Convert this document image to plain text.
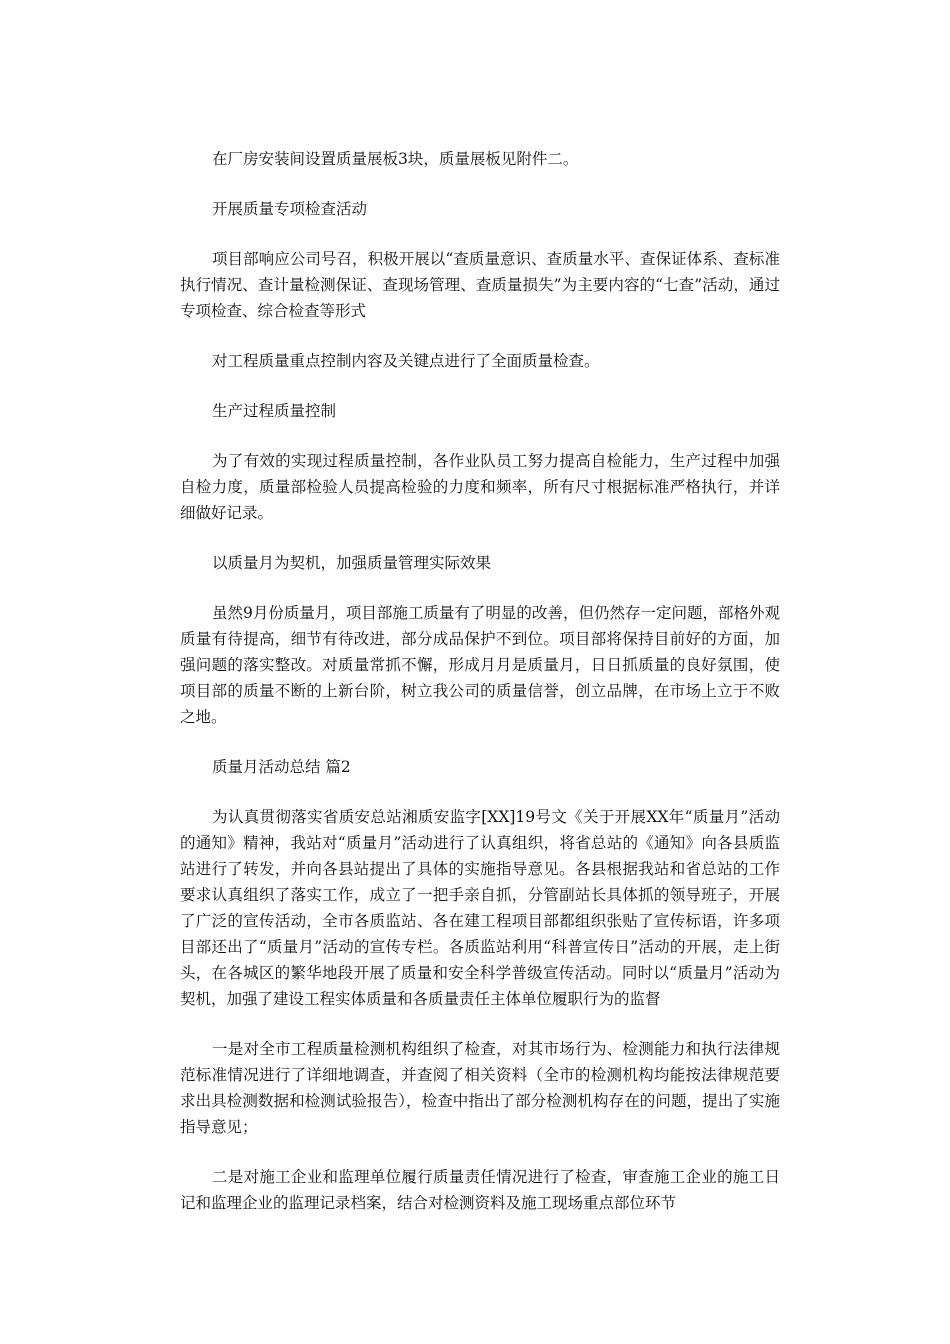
在厂房安装间设置质量展板3块，质量展板见附件二。

开展质量专项检查活动

项目部响应公司号召，积极开展以“查质量意识、查质量水平、查保证体系、查标准执行情况、查计量检测保证、查现场管理、查质量损失”为主要内容的“七查”活动，通过专项检查、综合检查等形式

对工程质量重点控制内容及关键点进行了全面质量检查。

生产过程质量控制

为了有效的实现过程质量控制，各作业队员工努力提高自检能力，生产过程中加强自检力度，质量部检验人员提高检验的力度和频率，所有尺寸根据标准严格执行，并详细做好记录。

以质量月为契机，加强质量管理实际效果

虽然9月份质量月，项目部施工质量有了明显的改善，但仍然存一定问题，部格外观质量有待提高，细节有待改进，部分成品保护不到位。项目部将保持目前好的方面，加强问题的落实整改。对质量常抓不懈，形成月月是质量月，日日抓质量的良好氛围，使项目部的质量不断的上新台阶，树立我公司的质量信誉，创立品牌，在市场上立于不败之地。

质量月活动总结 篇2

为认真贯彻落实省质安总站湘质安监字[XX]19号文《关于开展XX年“质量月”活动的通知》精神，我站对“质量月”活动进行了认真组织，将省总站的《通知》向各县质监站进行了转发，并向各县站提出了具体的实施指导意见。各县根据我站和省总站的工作要求认真组织了落实工作，成立了一把手亲自抓，分管副站长具体抓的领导班子，开展了广泛的宣传活动，全市各质监站、各在建工程项目部都组织张贴了宣传标语，许多项目部还出了“质量月”活动的宣传专栏。各质监站利用“科普宣传日”活动的开展，走上街头，在各城区的繁华地段开展了质量和安全科学普级宣传活动。同时以“质量月”活动为契机，加强了建设工程实体质量和各质量责任主体单位履职行为的监督

一是对全市工程质量检测机构组织了检查，对其市场行为、检测能力和执行法律规范标准情况进行了详细地调查，并查阅了相关资料（全市的检测机构均能按法律规范要求出具检测数据和检测试验报告），检查中指出了部分检测机构存在的问题，提出了实施指导意见；

二是对施工企业和监理单位履行质量责任情况进行了检查，审查施工企业的施工日记和监理企业的监理记录档案，结合对检测资料及施工现场重点部位环节
